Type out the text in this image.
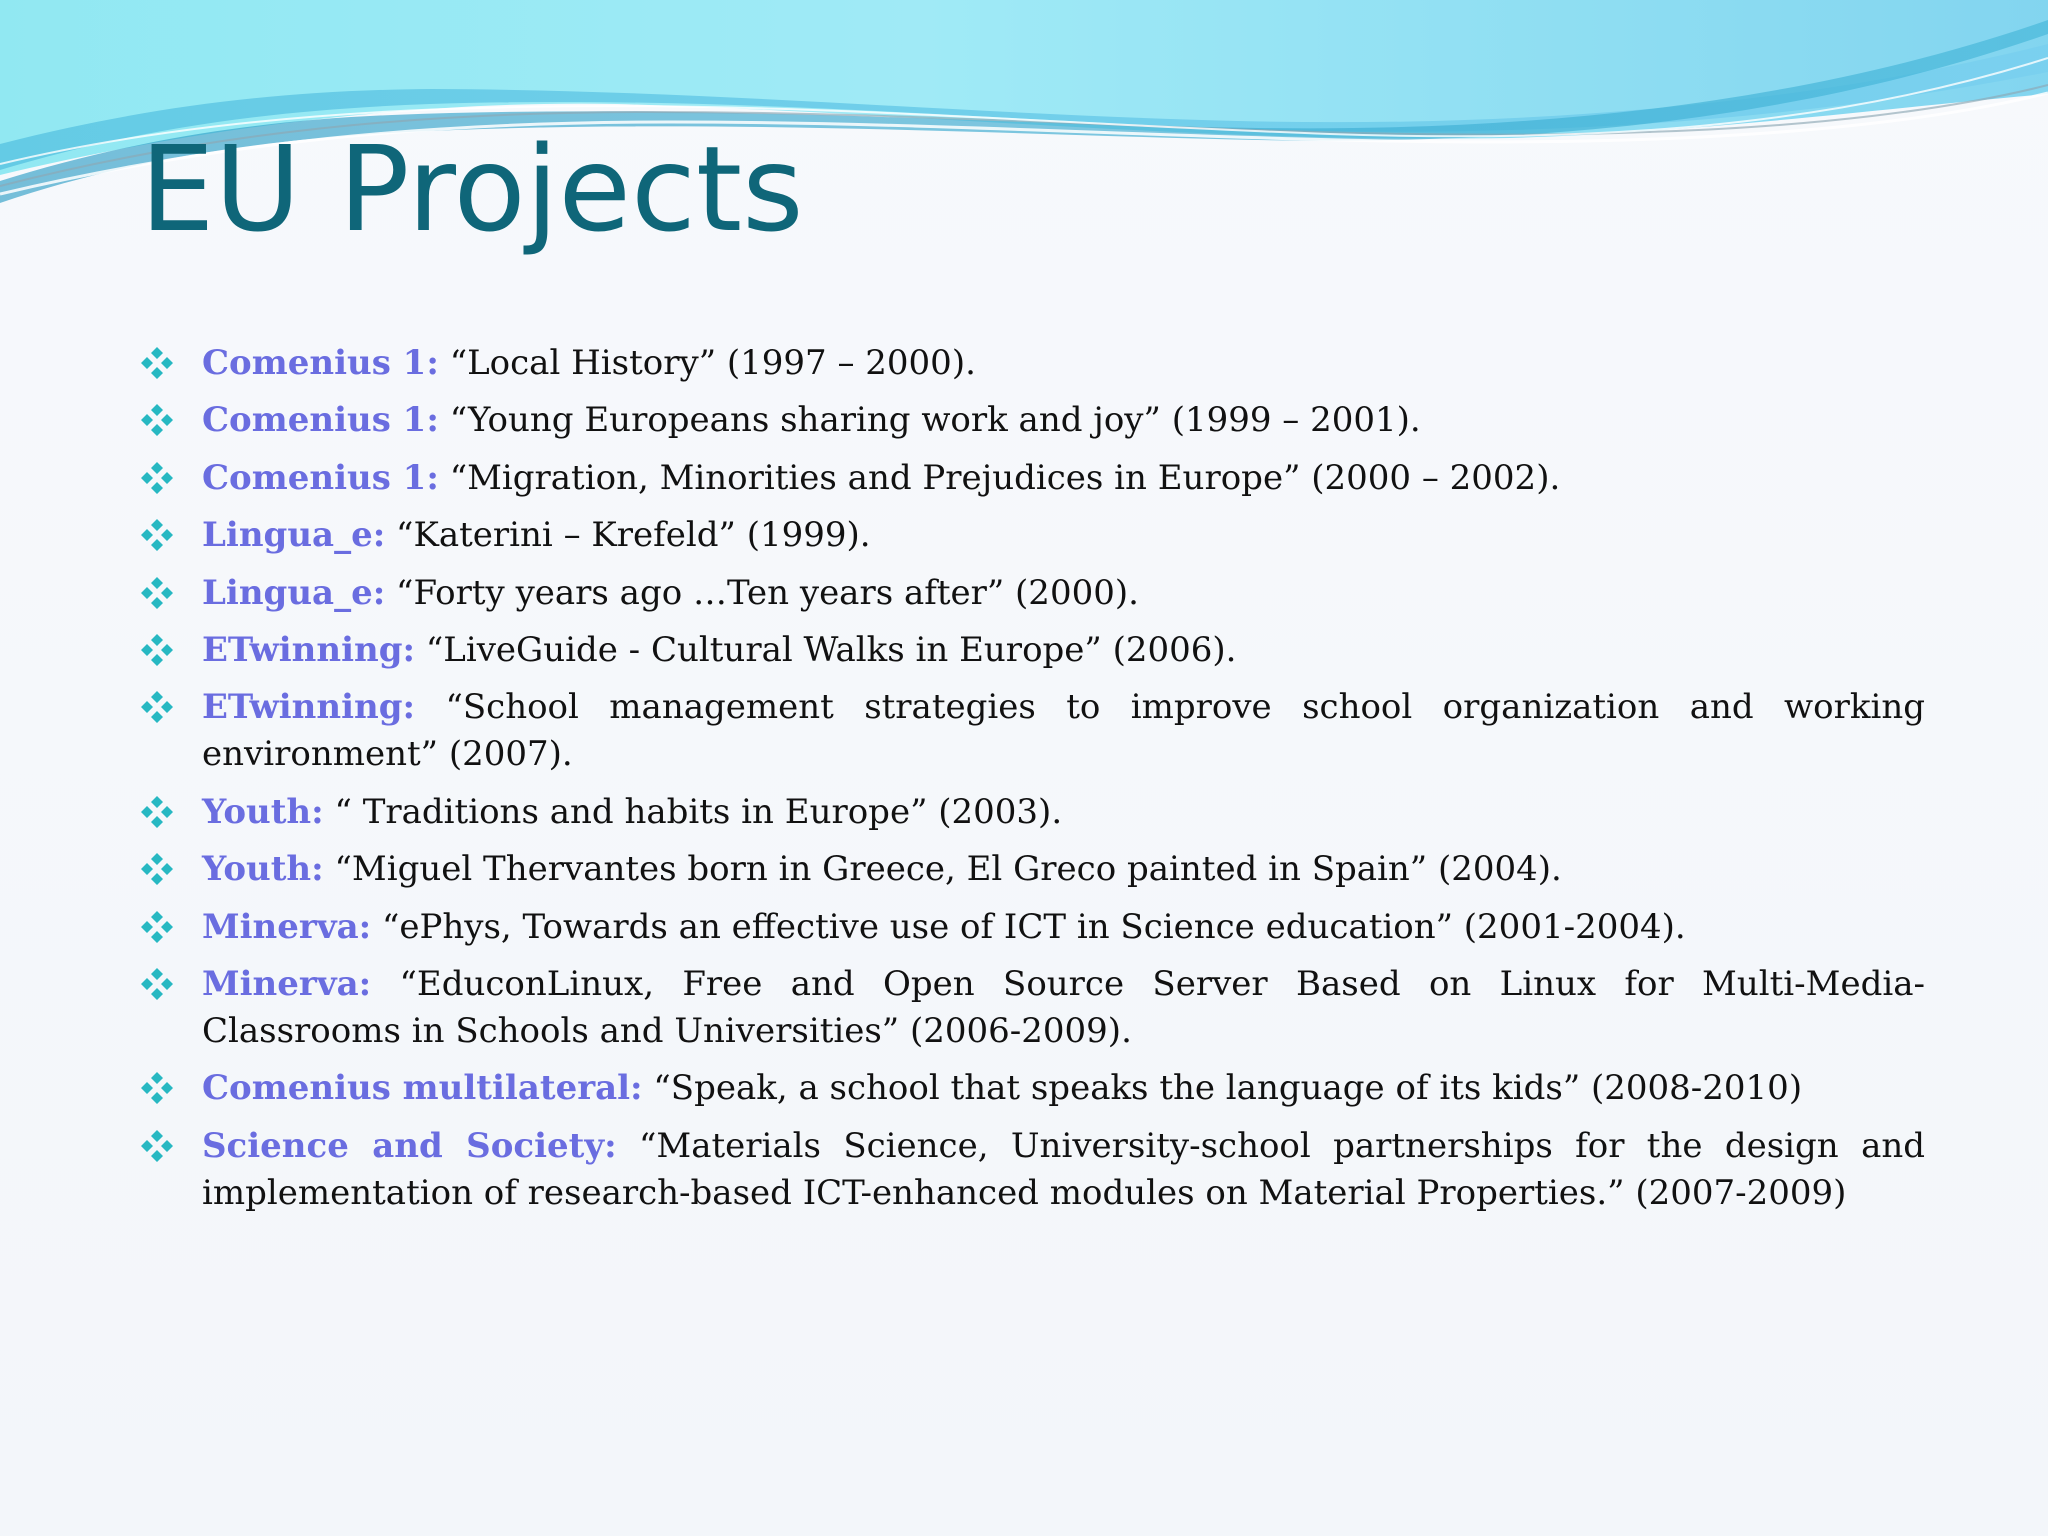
EU Projects
Comenius 1: “Local History” (1997 – 2000).
Comenius 1: “Young Europeans sharing work and joy” (1999 – 2001).
Comenius 1: “Migration, Minorities and Prejudices in Europe” (2000 – 2002).
Lingua_e: “Katerini – Krefeld” (1999).
Lingua_e: “Forty years ago …Ten years after” (2000).
ETwinning: “LiveGuide - Cultural Walks in Europe” (2006).
ETwinning: “School management strategies to improve school organization and working environment” (2007).
Youth: “ Traditions and habits in Europe” (2003).
Youth: “Miguel Thervantes born in Greece, El Greco painted in Spain” (2004).
Minerva: “ePhys, Towards an effective use of ICT in Science education” (2001-2004).
Minerva: “EduconLinux, Free and Open Source Server Based on Linux for Multi-Media-Classrooms in Schools and Universities” (2006-2009).
Comenius multilateral: “Speak, a school that speaks the language of its kids” (2008-2010)
Science and Society: “Materials Science, University-school partnerships for the design and implementation of research-based ICT-enhanced modules on Material Properties.” (2007-2009)
